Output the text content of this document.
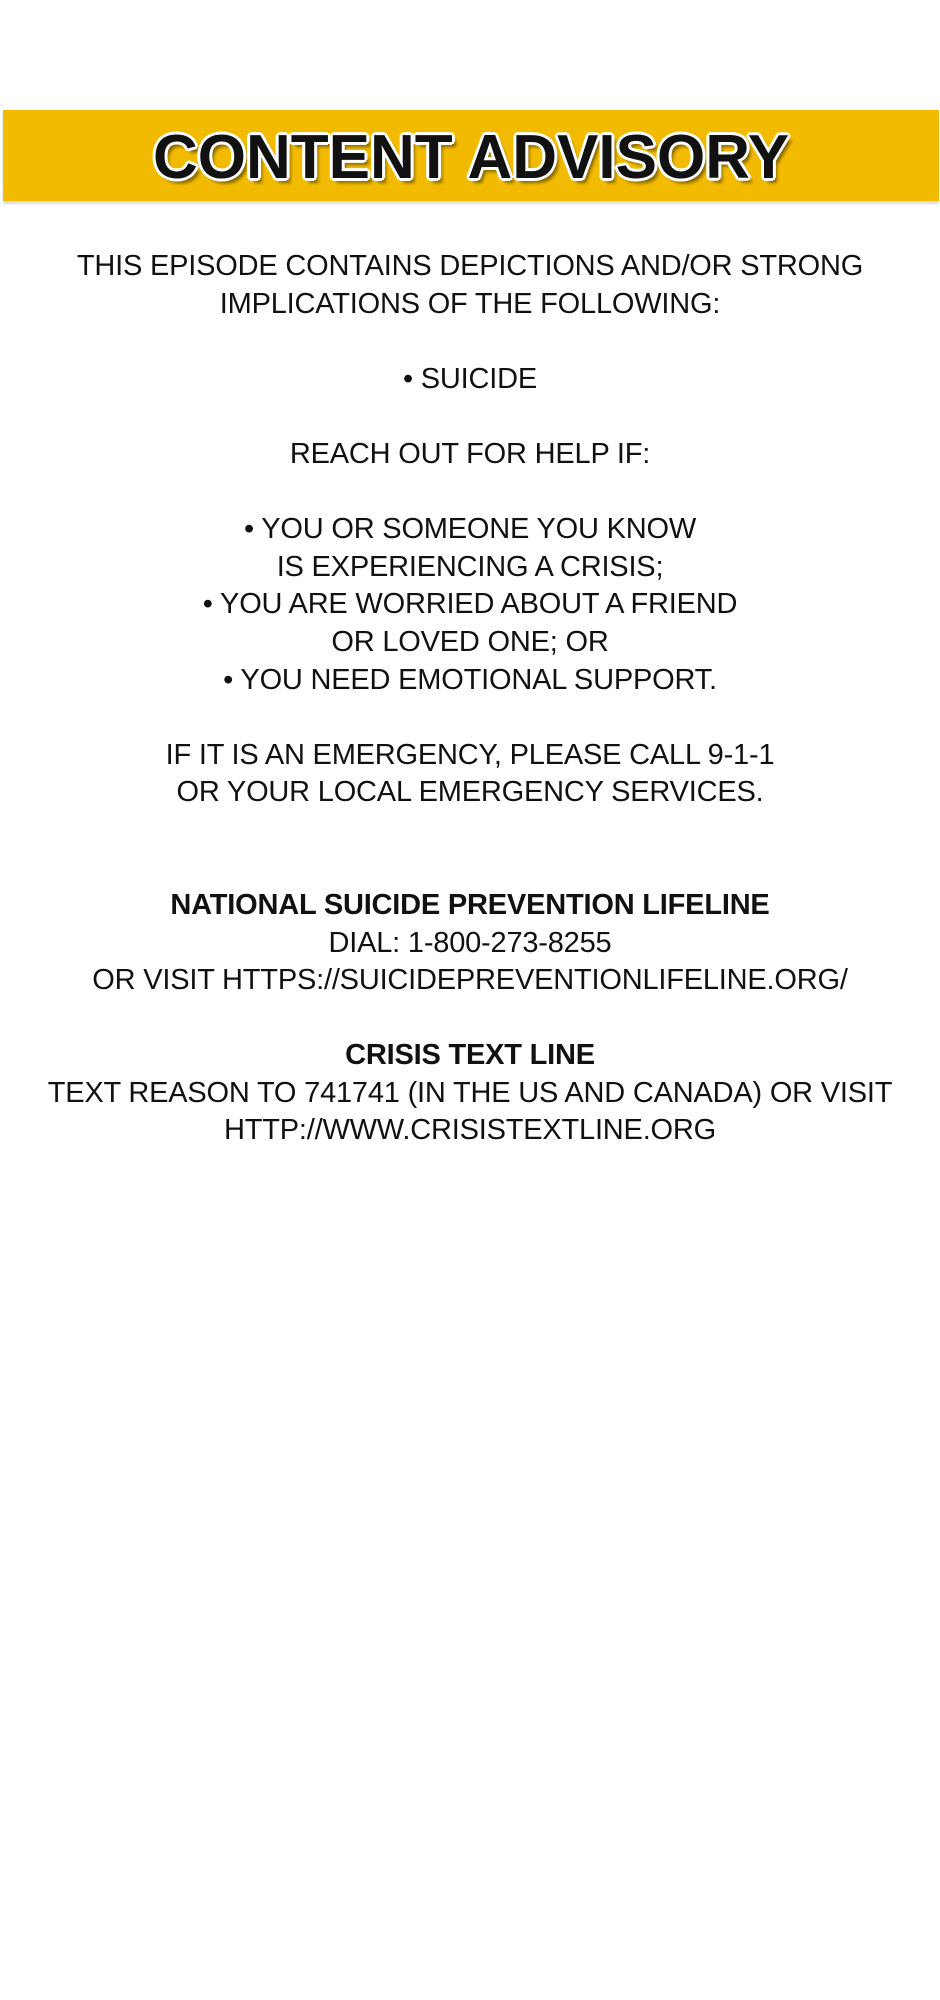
CONTENT ADVISORY
THIS EPISODE CONTAINS DEPICTIONS AND/OR STRONG
IMPLICATIONS OF THE FOLLOWING:
• SUICIDE
REACH OUT FOR HELP IF:
• YOU OR SOMEONE YOU KNOW
IS EXPERIENCING A CRISIS;
• YOU ARE WORRIED ABOUT A FRIEND
OR LOVED ONE; OR
• YOU NEED EMOTIONAL SUPPORT.
IF IT IS AN EMERGENCY, PLEASE CALL 9-1-1
OR YOUR LOCAL EMERGENCY SERVICES.
NATIONAL SUICIDE PREVENTION LIFELINE
DIAL: 1-800-273-8255
OR VISIT HTTPS://SUICIDEPREVENTIONLIFELINE.ORG/
CRISIS TEXT LINE
TEXT REASON TO 741741 (IN THE US AND CANADA) OR VISIT
HTTP://WWW.CRISISTEXTLINE.ORG
